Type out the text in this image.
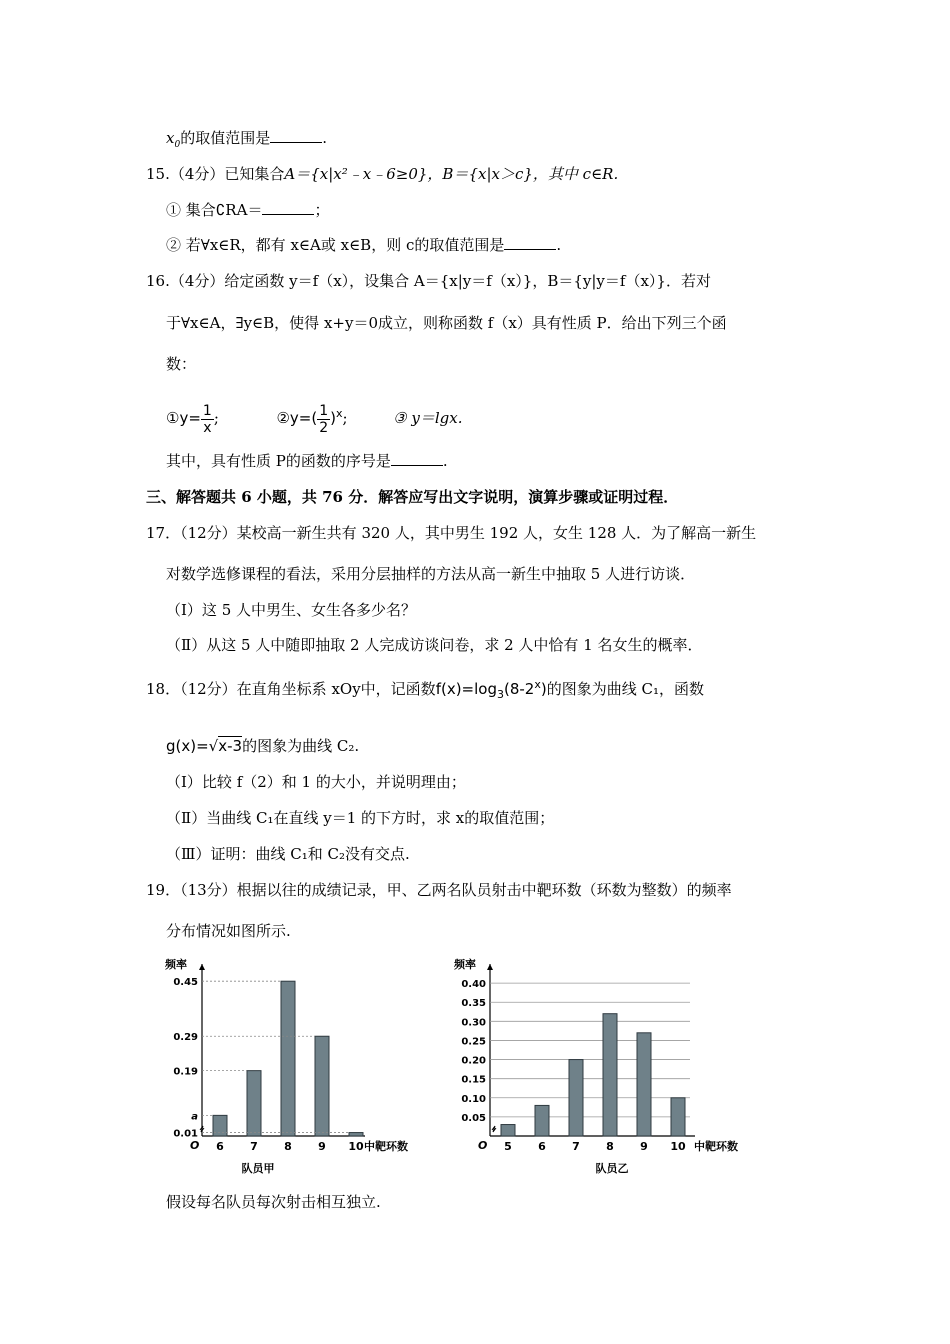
$x_0$的取值范围是	.
15.（4分）已知集合A＝{x|x²﹣x﹣6≥0}，B＝{x|x＞c}，其中 c∈R.
① 集合∁RA＝	；
② 若∀x∈R，都有 x∈A或 x∈B，则 c的取值范围是	.
16.（4分）给定函数 y＝f（x），设集合 A＝{x|y＝f（x）}，B＝{y|y＝f（x）}．若对
于∀x∈A，∃y∈B，使得 x+y＝0成立，则称函数 f（x）具有性质 P．给出下列三个函
数：
①y= $\frac{1}{x}$ ;	②y=( $\frac{1}{2} )^x$;	③ y＝lgx.
其中，具有性质 P的函数的序号是	.
三、解答题共 6 小题，共 76 分．解答应写出文字说明，演算步骤或证明过程．
17．（12分）某校高一新生共有 320 人，其中男生 192 人，女生 128 人．为了解高一新生
对数学选修课程的看法，采用分层抽样的方法从高一新生中抽取 5 人进行访谈．
（Ⅰ）这 5 人中男生、女生各多少名？
（Ⅱ）从这 5 人中随即抽取 2 人完成访谈问卷，求 2 人中恰有 1 名女生的概率．
18．（12分）在直角坐标系 xOy中，记函数$f(x)=\log_3(8-2^x)$的图象为曲线 C₁，函数
g(x)=√x-3的图象为曲线 C₂.
（Ⅰ）比较 f（2）和 1 的大小，并说明理由；
（Ⅱ）当曲线 C₁在直线 y＝1 的下方时，求 x的取值范围；
（Ⅲ）证明：曲线 C₁和 C₂没有交点.
19．（13分）根据以往的成绩记录，甲、乙两名队员射击中靶环数（环数为整数）的频率
分布情况如图所示.
频率
中靶环数
O
队员甲
6 7 8 9 10
0.01
a
0.19
0.29
0.45
频率
中靶环数
O
队员乙
0.05
0.10
0.15
0.20
0.25
0.30
0.35
0.40
5 6 7 8 9 10
假设每名队员每次射击相互独立.
